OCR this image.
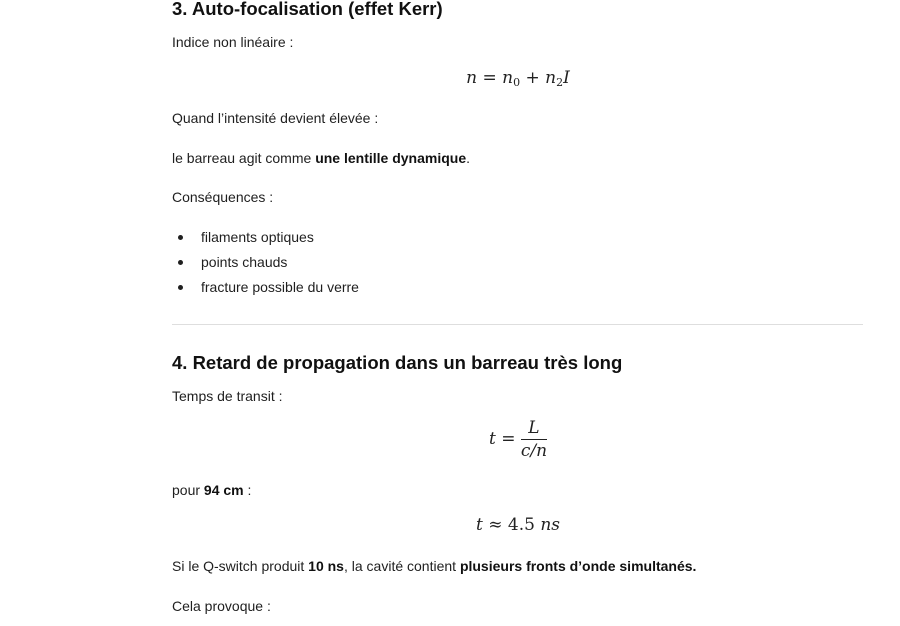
3. Auto-focalisation (effet Kerr)

Indice non linéaire :

$n = n_0 + n_2I$

Quand l’intensité devient élevée :

le barreau agit comme une lentille dynamique.

Conséquences :

filaments optiques
points chauds
fracture possible du verre
4. Retard de propagation dans un barreau très long

Temps de transit :

$t = \frac{L}{c/n}$

pour 94 cm :

t ≈ 4.5 ns

Si le Q-switch produit 10 ns, la cavité contient plusieurs fronts d’onde simultanés.

Cela provoque :
